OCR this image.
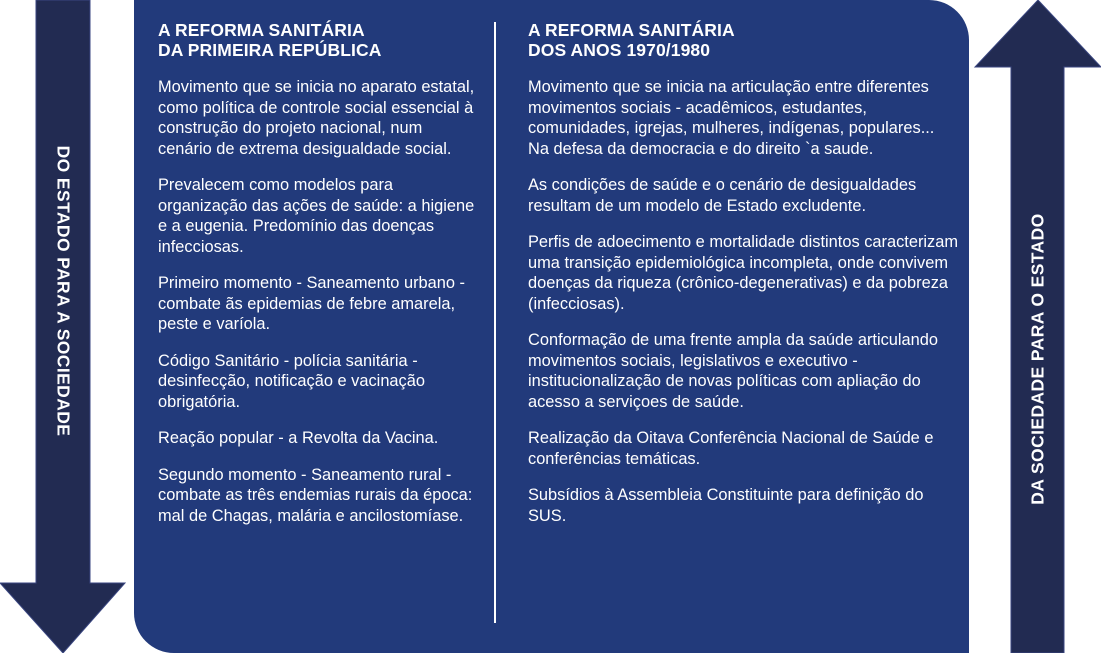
DO ESTADO PARA A SOCIEDADE	DA SOCIEDADE PARA O ESTADO
A REFORMA SANITÁRIA
DA PRIMEIRA REPÚBLICA

Movimento que se inicia no aparato estatal, como política de controle social essencial à construção do projeto nacional, num cenário de extrema desigualdade social.

Prevalecem como modelos para organização das ações de saúde: a higiene e a eugenia. Predomínio das doenças infecciosas.

Primeiro momento - Saneamento urbano - combate ãs epidemias de febre amarela, peste e varíola.

Código Sanitário - polícia sanitária - desinfecção, notificação e vacinação obrigatória.

Reação popular - a Revolta da Vacina.

Segundo momento - Saneamento rural - combate as três endemias rurais da época: mal de Chagas, malária e ancilostomíase.

A REFORMA SANITÁRIA
DOS ANOS 1970/1980

Movimento que se inicia na articulação entre diferentes movimentos sociais - acadêmicos, estudantes, comunidades, igrejas, mulheres, indígenas, populares... Na defesa da democracia e do direito `a saude.

As condições de saúde e o cenário de desigualdades resultam de um modelo de Estado excludente.

Perfis de adoecimento e mortalidade distintos caracterizam uma transição epidemiológica incompleta, onde convivem doenças da riqueza (crônico-degenerativas) e da pobreza (infecciosas).

Conformação de uma frente ampla da saúde articulando movimentos sociais, legislativos e executivo - institucionalização de novas políticas com apliação do acesso a serviçoes de saúde.

Realização da Oitava Conferência Nacional de Saúde e conferências temáticas.

Subsídios à Assembleia Constituinte para definição do SUS.
